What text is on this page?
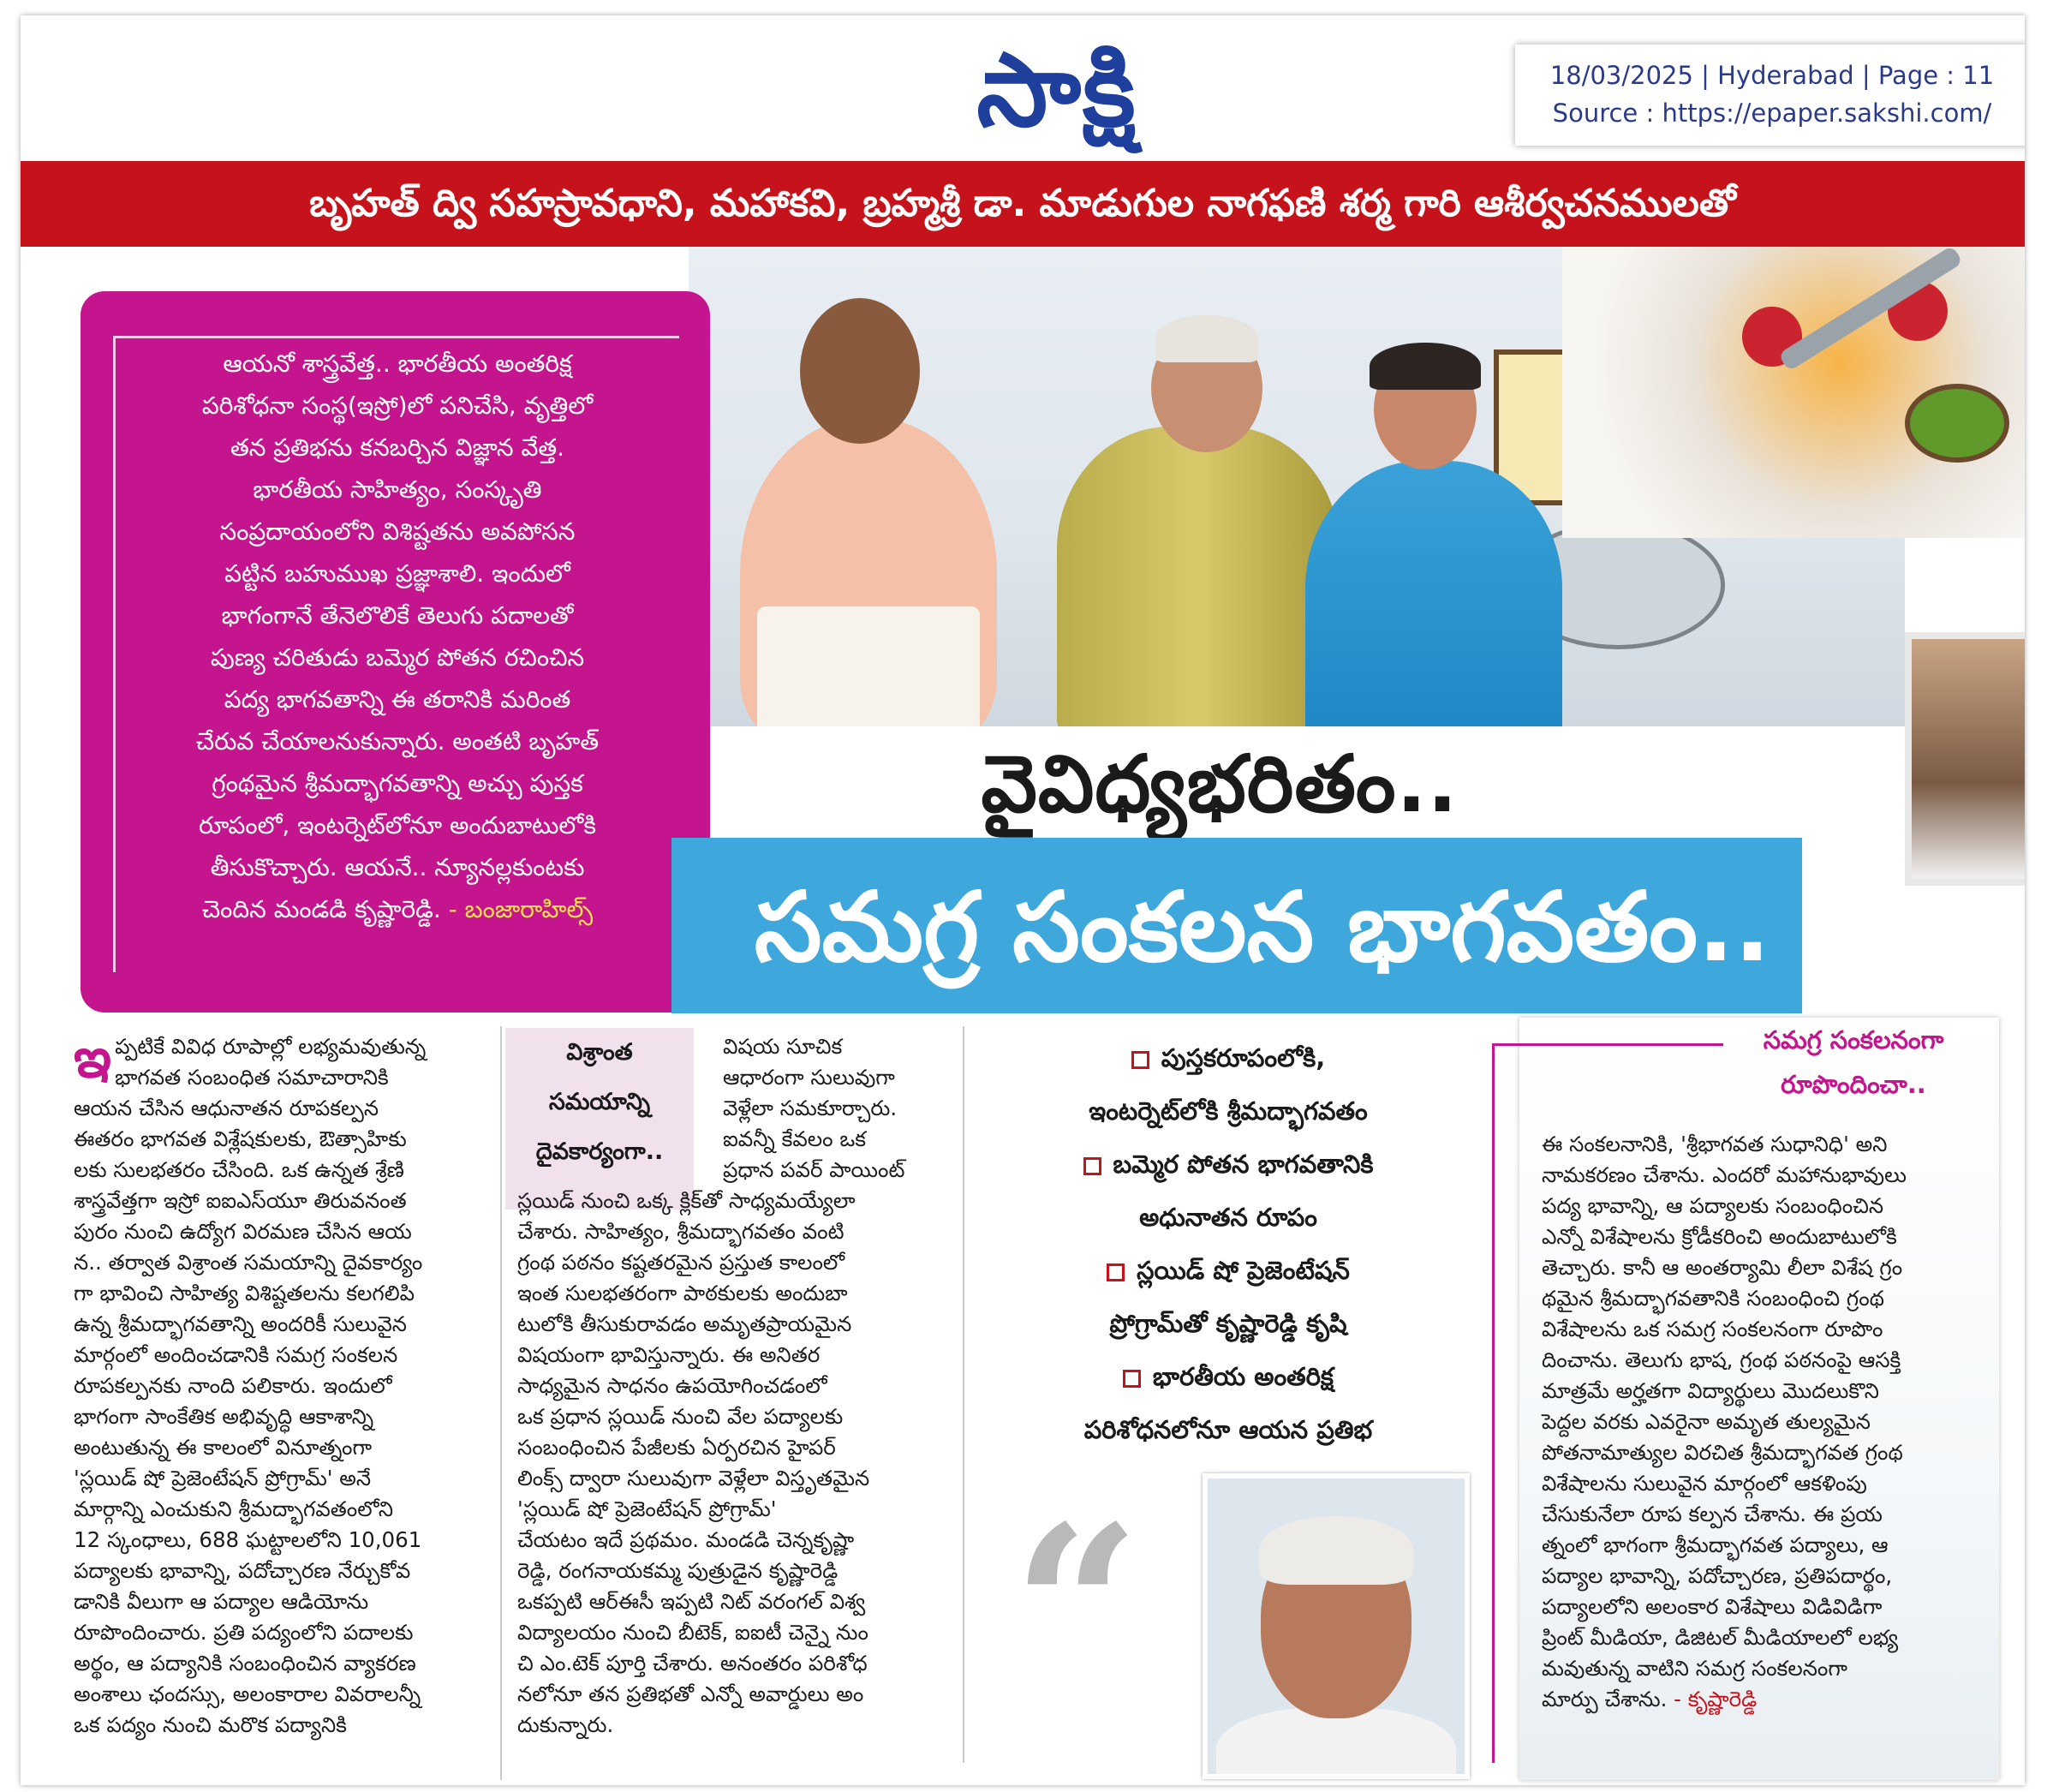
సాక్షి	18/03/2025 | Hyderabad | Page : 11
Source : https://epaper.sakshi.com/
బృహత్ ద్వి సహస్రావధాని, మహాకవి, బ్రహ్మశ్రీ డా. మాడుగుల నాగఫణి శర్మ గారి ఆశీర్వచనములతో
ఆయనో శాస్త్రవేత్త.. భారతీయ అంతరిక్ష
పరిశోధనా సంస్థ(ఇస్రో)లో పనిచేసి, వృత్తిలో
తన ప్రతిభను కనబర్చిన విజ్ఞాన వేత్త.
భారతీయ సాహిత్యం, సంస్కృతి
సంప్రదాయంలోని విశిష్టతను అవపోసన
పట్టిన బహుముఖ ప్రజ్ఞాశాలి. ఇందులో
భాగంగానే తేనెలొలికే తెలుగు పదాలతో
పుణ్య చరితుడు బమ్మెర పోతన రచించిన
పద్య భాగవతాన్ని ఈ తరానికి మరింత
చేరువ చేయాలనుకున్నారు. అంతటి బృహత్
గ్రంథమైన శ్రీమద్భాగవతాన్ని అచ్చు పుస్తక
రూపంలో, ఇంటర్నెట్‌లోనూ అందుబాటులోకి
తీసుకొచ్చారు. ఆయనే.. న్యూనల్లకుంటకు
చెందిన మండడి కృష్ణారెడ్డి. - బంజారాహిల్స్
వైవిధ్యభరితం..
సమగ్ర సంకలన భాగవతం..
ఇ ప్పటికే వివిధ రూపాల్లో లభ్యమవుతున్న
భాగవత సంబంధిత సమాచారానికి
ఆయన చేసిన ఆధునాతన రూపకల్పన
ఈతరం భాగవత విశ్లేషకులకు, ఔత్సాహికు
లకు సులభతరం చేసింది. ఒక ఉన్నత శ్రేణి
శాస్త్రవేత్తగా ఇస్రో ఐఐఎస్‌యూ తిరువనంత
పురం నుంచి ఉద్యోగ విరమణ చేసిన ఆయ
న.. తర్వాత విశ్రాంత సమయాన్ని దైవకార్యం
గా భావించి సాహిత్య విశిష్టతలను కలగలిపి
ఉన్న శ్రీమద్భాగవతాన్ని అందరికీ సులువైన
మార్గంలో అందించడానికి సమగ్ర సంకలన
రూపకల్పనకు నాంది పలికారు. ఇందులో
భాగంగా సాంకేతిక అభివృద్ధి ఆకాశాన్ని
అంటుతున్న ఈ కాలంలో వినూత్నంగా
'స్లయిడ్ షో ప్రెజెంటేషన్ ప్రోగ్రామ్' అనే
మార్గాన్ని ఎంచుకుని శ్రీమద్భాగవతంలోని
12 స్కంధాలు, 688 ఘట్టాలలోని 10,061
పద్యాలకు భావాన్ని, పదోచ్చారణ నేర్చుకోవ
డానికి వీలుగా ఆ పద్యాల ఆడియోను
రూపొందించారు. ప్రతి పద్యంలోని పదాలకు
అర్థం, ఆ పద్యానికి సంబంధించిన వ్యాకరణ
అంశాలు ఛందస్సు, అలంకారాల వివరాలన్నీ
ఒక పద్యం నుంచి మరొక పద్యానికి
విశ్రాంత
సమయాన్ని
దైవకార్యంగా..
విషయ సూచిక
ఆధారంగా సులువుగా
వెళ్లేలా సమకూర్చారు.
ఐవన్నీ కేవలం ఒక
ప్రధాన పవర్ పాయింట్
స్లయిడ్ నుంచి ఒక్క క్లిక్‌తో సాధ్యమయ్యేలా
చేశారు. సాహిత్యం, శ్రీమద్భాగవతం వంటి
గ్రంథ పఠనం కష్టతరమైన ప్రస్తుత కాలంలో
ఇంత సులభతరంగా పాఠకులకు అందుబా
టులోకి తీసుకురావడం అమృతప్రాయమైన
విషయంగా భావిస్తున్నారు. ఈ అనితర
సాధ్యమైన సాధనం ఉపయోగించడంలో
ఒక ప్రధాన స్లయిడ్ నుంచి వేల పద్యాలకు
సంబంధించిన పేజీలకు ఏర్పరచిన హైపర్
లింక్స్ ద్వారా సులువుగా వెళ్లేలా విస్తృతమైన
'స్లయిడ్ షో ప్రెజెంటేషన్ ప్రోగ్రామ్'
చేయటం ఇదే ప్రథమం. మండడి చెన్నకృష్ణా
రెడ్డి, రంగనాయకమ్మ పుత్రుడైన కృష్ణారెడ్డి
ఒకప్పటి ఆర్‌ఈసీ ఇప్పటి నిట్ వరంగల్ విశ్వ
విద్యాలయం నుంచి బీటెక్, ఐఐటీ చెన్నై నుం
చి ఎం.టెక్ పూర్తి చేశారు. అనంతరం పరిశోధ
నలోనూ తన ప్రతిభతో ఎన్నో అవార్డులు అం
దుకున్నారు.
పుస్తకరూపంలోకి,
ఇంటర్నెట్‌లోకి శ్రీమద్భాగవతం
బమ్మెర పోతన భాగవతానికి
అధునాతన రూపం
స్లయిడ్ షో ప్రెజెంటేషన్
ప్రోగ్రామ్‌తో కృష్ణారెడ్డి కృషి
భారతీయ అంతరిక్ష
పరిశోధనలోనూ ఆయన ప్రతిభ
“
సమగ్ర సంకలనంగా
రూపొందించా..
ఈ సంకలనానికి, 'శ్రీభాగవత సుధానిధి' అని
నామకరణం చేశాను. ఎందరో మహానుభావులు
పద్య భావాన్ని, ఆ పద్యాలకు సంబంధించిన
ఎన్నో విశేషాలను క్రోడీకరించి అందుబాటులోకి
తెచ్చారు. కానీ ఆ అంతర్యామి లీలా విశేష గ్రం
థమైన శ్రీమద్భాగవతానికి సంబంధించి గ్రంథ
విశేషాలను ఒక సమగ్ర సంకలనంగా రూపొం
దించాను. తెలుగు భాష, గ్రంథ పఠనంపై ఆసక్తి
మాత్రమే అర్హతగా విద్యార్థులు మొదలుకొని
పెద్దల వరకు ఎవరైనా అమృత తుల్యమైన
పోతనామాత్యుల విరచిత శ్రీమద్భాగవత గ్రంథ
విశేషాలను సులువైన మార్గంలో ఆకళింపు
చేసుకునేలా రూప కల్పన చేశాను. ఈ ప్రయ
త్నంలో భాగంగా శ్రీమద్భాగవత పద్యాలు, ఆ
పద్యాల భావాన్ని, పదోచ్చారణ, ప్రతిపదార్థం,
పద్యాలలోని అలంకార విశేషాలు విడివిడిగా
ప్రింట్ మీడియా, డిజిటల్ మీడియాలలో లభ్య
మవుతున్న వాటిని సమగ్ర సంకలనంగా
మార్పు చేశాను. - కృష్ణారెడ్డి
